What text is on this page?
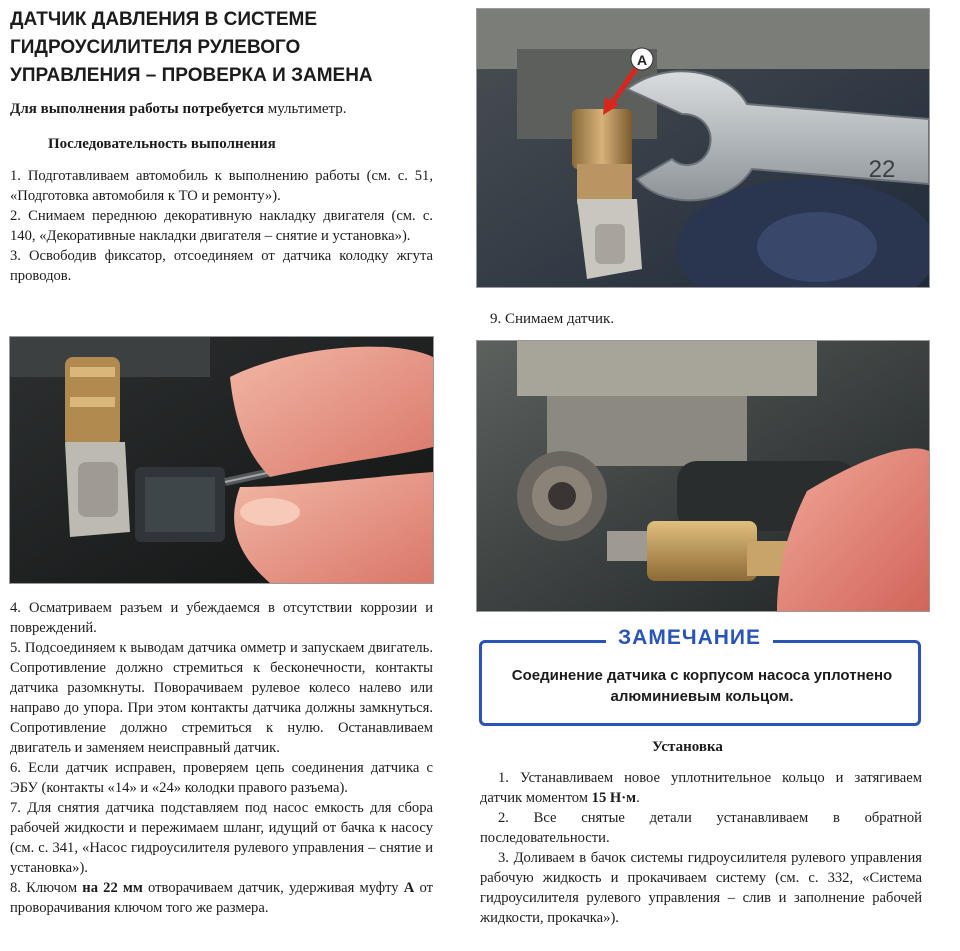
ДАТЧИК ДАВЛЕНИЯ В СИСТЕМЕ
ГИДРОУСИЛИТЕЛЯ РУЛЕВОГО
УПРАВЛЕНИЯ – ПРОВЕРКА И ЗАМЕНА
Для выполнения работы потребуется мультиметр.
Последовательность выполнения

1. Подготавливаем автомобиль к выполнению работы (см. с. 51, «Подготовка автомобиля к ТО и ремонту»).

2. Снимаем переднюю декоративную накладку двигателя (см. с. 140, «Декоративные накладки двигателя – снятие и установка»).

3. Освободив фиксатор, отсоединяем от датчика колодку жгута проводов.

A
22
9. Снимаем датчик.

4. Осматриваем разъем и убеждаемся в отсутствии коррозии и повреждений.

5. Подсоединяем к выводам датчика омметр и запускаем двигатель. Сопротивление должно стремиться к бесконечности, контакты датчика разомкнуты. Поворачиваем рулевое колесо налево или направо до упора. При этом контакты датчика должны замкнуться. Сопротивление должно стремиться к нулю. Останавливаем двигатель и заменяем неисправный датчик.

6. Если датчик исправен, проверяем цепь соединения датчика с ЭБУ (контакты «14» и «24» колодки правого разъема).

7. Для снятия датчика подставляем под насос емкость для сбора рабочей жидкости и пережимаем шланг, идущий от бачка к насосу (см. с. 341, «Насос гидроусилителя рулевого управления – снятие и установка»).

8. Ключом на 22 мм отворачиваем датчик, удерживая муфту А от проворачивания ключом того же размера.

ЗАМЕЧАНИЕ
Соединение датчика с корпусом насоса уплотнено алюминиевым кольцом.
Установка

1. Устанавливаем новое уплотнительное кольцо и затягиваем датчик моментом 15 Н·м.

2. Все снятые детали устанавливаем в обратной последовательности.

3. Доливаем в бачок системы гидроусилителя рулевого управления рабочую жидкость и прокачиваем систему (см. с. 332, «Система гидроусилителя рулевого управления – слив и заполнение рабочей жидкости, прокачка»).
